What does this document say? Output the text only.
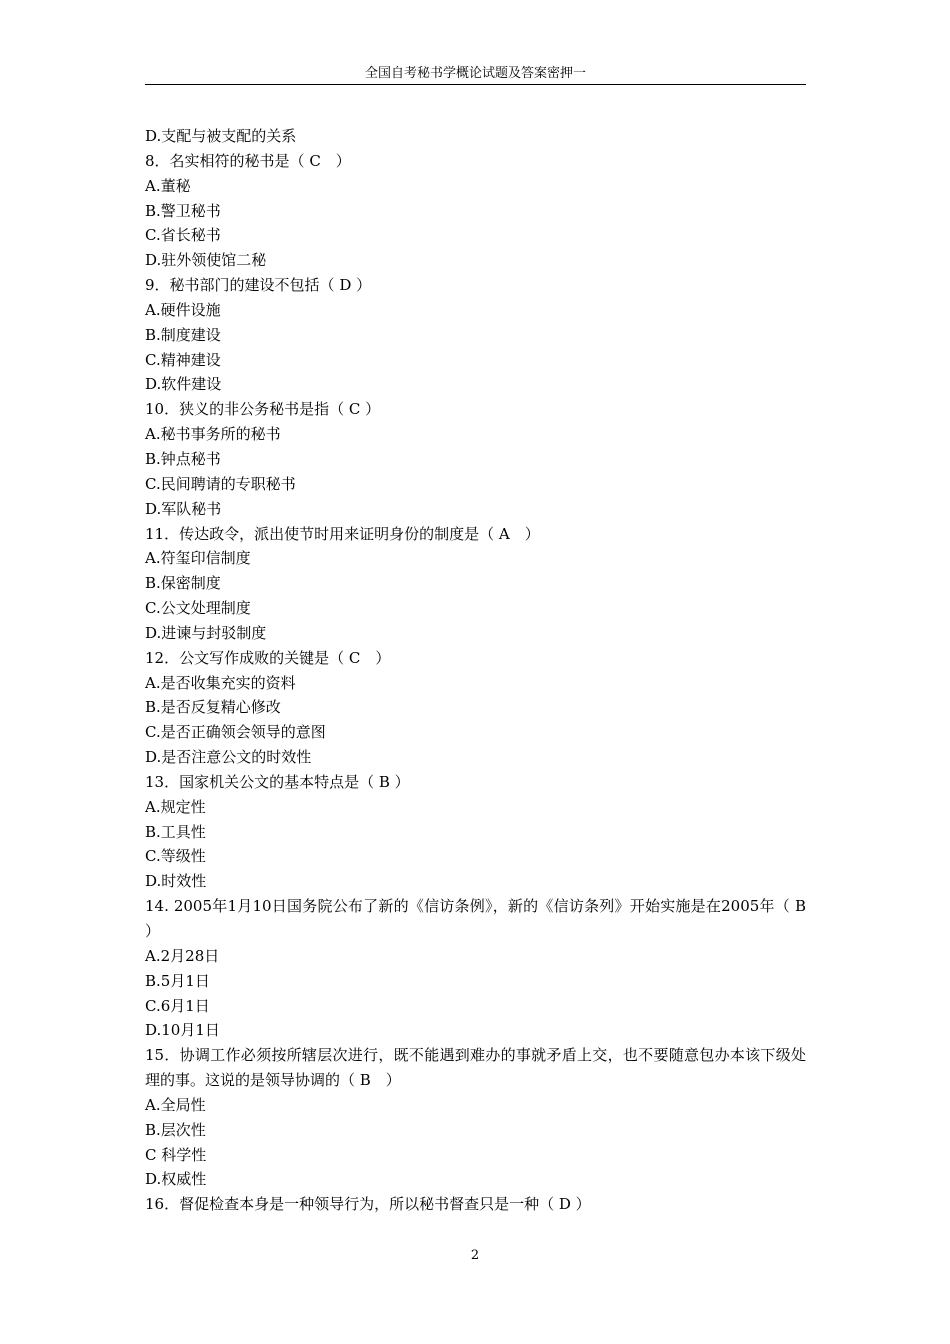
全国自考秘书学概论试题及答案密押一
D.支配与被支配的关系
8．名实相符的秘书是（ C　）
A.董秘
B.警卫秘书
C.省长秘书
D.驻外领使馆二秘
9．秘书部门的建设不包括（ D ）
A.硬件设施
B.制度建设
C.精神建设
D.软件建设
10．狭义的非公务秘书是指（ C ）
A.秘书事务所的秘书
B.钟点秘书
C.民间聘请的专职秘书
D.军队秘书
11．传达政令，派出使节时用来证明身份的制度是（ A　）
A.符玺印信制度
B.保密制度
C.公文处理制度
D.进谏与封驳制度
12．公文写作成败的关键是（ C　）
A.是否收集充实的资料
B.是否反复精心修改
C.是否正确领会领导的意图
D.是否注意公文的时效性
13．国家机关公文的基本特点是（ B ）
A.规定性
B.工具性
C.等级性
D.时效性
14. 2005年1月10日国务院公布了新的《信访条例》，新的《信访条列》开始实施是在2005年（ B ）
A.2月28日
B.5月1日
C.6月1日
D.10月1日
15．协调工作必须按所辖层次进行，既不能遇到难办的事就矛盾上交，也不要随意包办本该下级处理的事。这说的是领导协调的（ B　）
A.全局性
B.层次性
C 科学性
D.权威性
16．督促检查本身是一种领导行为，所以秘书督查只是一种（ D ）
2
